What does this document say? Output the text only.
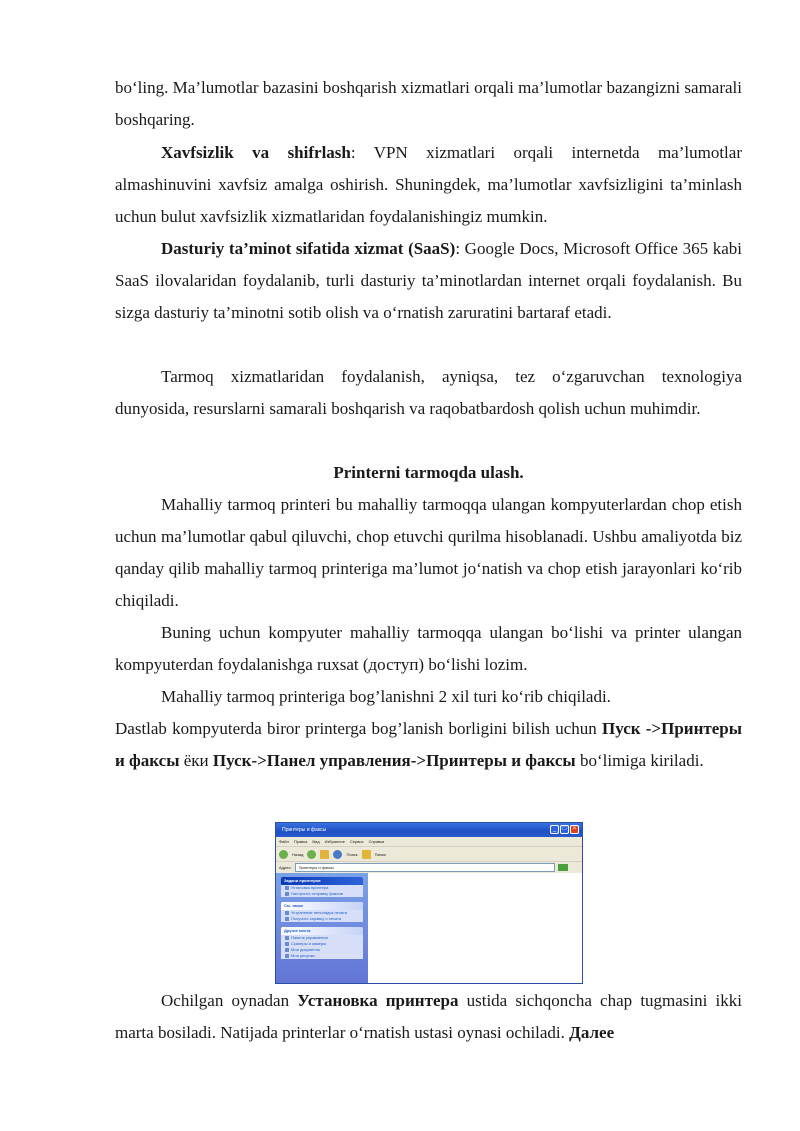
bo‘ling. Ma’lumotlar bazasini boshqarish xizmatlari orqali ma’lumotlar bazangizni samarali boshqaring.

Xavfsizlik va shifrlash: VPN xizmatlari orqali internetda ma’lumotlar almashinuvini xavfsiz amalga oshirish. Shuningdek, ma’lumotlar xavfsizligini ta’minlash uchun bulut xavfsizlik xizmatlaridan foydalanishingiz mumkin.

Dasturiy ta’minot sifatida xizmat (SaaS): Google Docs, Microsoft Office 365 kabi SaaS ilovalaridan foydalanib, turli dasturiy ta’minotlardan internet orqali foydalanish. Bu sizga dasturiy ta’minotni sotib olish va o‘rnatish zaruratini bartaraf etadi.

Tarmoq xizmatlaridan foydalanish, ayniqsa, tez o‘zgaruvchan texnologiya dunyosida, resurslarni samarali boshqarish va raqobatbardosh qolish uchun muhimdir.

Printerni tarmoqda ulash.

Mahalliy tarmoq printeri bu mahalliy tarmoqqa ulangan kompyuterlardan chop etish uchun ma’lumotlar qabul qiluvchi, chop etuvchi qurilma hisoblanadi. Ushbu amaliyotda biz qanday qilib mahalliy tarmoq printeriga ma’lumot jo‘natish va chop etish jarayonlari ko‘rib chiqiladi.

Buning uchun kompyuter mahalliy tarmoqqa ulangan bo‘lishi va printer ulangan kompyuterdan foydalanishga ruxsat (доступ) bo‘lishi lozim.

Mahalliy tarmoq printeriga bog’lanishni 2 xil turi ko‘rib chiqiladi.

Dastlab kompyuterda biror printerga bog’lanish borligini bilish uchun Пуск ->Принтеры и факсы ёки Пуск->Панел управления->Принтеры и факсы bo‘limiga kiriladi.

Ochilgan oynadan Установка принтера ustida sichqoncha chap tugmasini ikki marta bosiladi. Natijada printerlar o‘rnatish ustasi oynasi ochiladi. Далее

Принтеры и факсы	_	□	×
Файл Правка Вид Избранное Сервис Справка
Назад	Поиск	Папки
Адрес:	Принтеры и факсы
Задачи принтеров
Установка принтера
Настроить отправку факсов
См. также
Устранение неполадок печати
Получить справку о печати
Другие места
Панель управления
Сканеры и камеры
Мои документы
Мои рисунки
